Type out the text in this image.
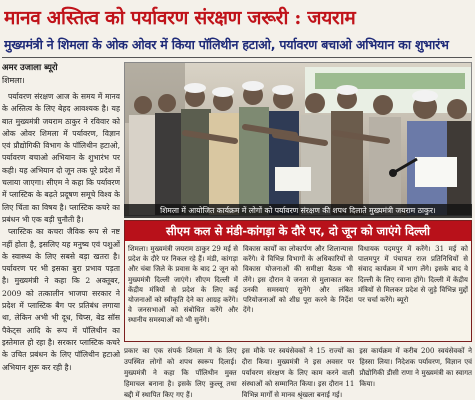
मानव अस्तित्व को पर्यावरण संरक्षण जरूरी : जयराम
मुख्यमंत्री ने शिमला के ओक ओवर में किया पॉलिथीन हटाओ, पर्यावरण बचाओ अभियान का शुभारंभ
अमर उजाला ब्यूरो
शिमला।

पर्यावरण संरक्षण आज के समय में मानव के अस्तित्व के लिए बेहद आवश्यक है। यह बात मुख्यमंत्री जयराम ठाकुर ने रविवार को ओक ओवर शिमला में पर्यावरण, विज्ञान एवं प्रौद्योगिकी विभाग के पॉलिथीन हटाओ, पर्यावरण बचाओ अभियान के शुभारंभ पर कही। यह अभियान दो जून तक पूरे प्रदेश में चलाया जाएगा। सीएम ने कहा कि पर्यावरण में प्लास्टिक के बढ़ते प्रदूषण समूचे विश्व के लिए चिंता का विषय है। प्लास्टिक कचरे का प्रबंधन भी एक बड़ी चुनौती है।

प्लास्टिक का कचरा जैविक रूप से नष्ट नहीं होता है, इसलिए यह मनुष्य एवं पशुओं के स्वास्थ्य के लिए सबसे बड़ा खतरा है। पर्यावरण पर भी इसका बुरा प्रभाव पड़ता है। मुख्यमंत्री ने कहा कि 2 अक्तूबर, 2009 को तत्कालीन भाजपा सरकार ने प्रदेश में प्लास्टिक बैग पर प्रतिबंध लगाया था, लेकिन अभी भी दूध, चिप्स, बेड सॉस पैकेट्स आदि के रूप में पॉलिथीन का इस्तेमाल हो रहा है। सरकार प्लास्टिक कचरे के उचित प्रबंधन के लिए पॉलिथीन हटाओ अभियान शुरू कर रही है।

शिमला में आयोजित कार्यक्रम में लोगों को पर्यावरण संरक्षण की शपथ दिलाते मुख्यमंत्री जयराम ठाकुर।
सीएम कल से मंडी-कांगड़ा के दौरे पर, दो जून को जाएंगे दिल्ली
शिमला। मुख्यमंत्री जयराम ठाकुर 29 मई से प्रदेश के दौरे पर निकल रहे हैं। मंडी, कांगड़ा और चंबा जिले के प्रवास के बाद 2 जून को मुख्यमंत्री दिल्ली जाएंगे। सीएम दिल्ली में केंद्रीय मंत्रियों से प्रदेश के लिए कई योजनाओं को स्वीकृति देने का आग्रह करेंगे। वे जनसभाओं को संबोधित करेंगे और स्थानीय समस्याओं को भी सुनेंगे।
विकास कार्यों का लोकार्पण और शिलान्यास करेंगे। वे विभिन्न विभागों के अधिकारियों से विकास योजनाओं की समीक्षा बैठक भी लेंगे। इस दौरान वे जनता से मुलाकात कर उनकी समस्याएं सुनेंगे और लंबित परियोजनाओं को शीघ्र पूरा करने के निर्देश देंगे।
विधायक पदमपुर में करेंगे। 31 मई को पालमपुर में पंचायत राज प्रतिनिधियों से संवाद कार्यक्रम में भाग लेंगे। इसके बाद वे दिल्ली के लिए रवाना होंगे। दिल्ली में केंद्रीय मंत्रियों से मिलकर प्रदेश से जुड़े विभिन्न मुद्दों पर चर्चा करेंगे। ब्यूरो
प्रकार का एक संपर्क शिमला में के लिए उपस्थित लोगों को शपथ स्वरूप दिलाई। मुख्यमंत्री ने कहा कि पॉलिथीन मुक्त हिमाचल बनाना है। इसके लिए कुल्लू तथा बद्दी में स्थापित किए गए हैं।
इस मौके पर स्वयंसेवकों ने 15 राज्यों का दौरा किया। मुख्यमंत्री ने इस अवसर पर पर्यावरण संरक्षण के लिए काम करने वाली संस्थाओं को सम्मानित किया। इस दौरान 11 विभिन्न मार्गों से मानव श्रृंखला बनाई गई।
इस कार्यक्रम में करीब 200 स्वयंसेवकों ने हिस्सा लिया। निदेशक पर्यावरण, विज्ञान एवं प्रौद्योगिकी डीसी राणा ने मुख्यमंत्री का स्वागत किया।
